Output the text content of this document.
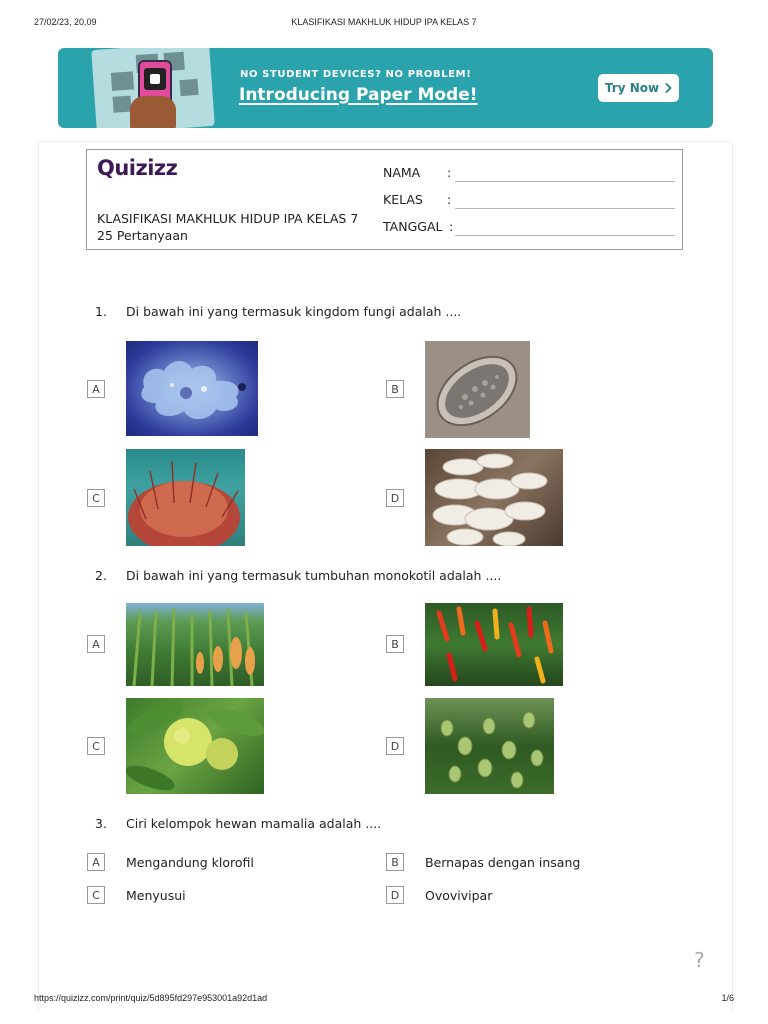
27/02/23, 20.09	KLASIFIKASI MAKHLUK HIDUP IPA KELAS 7
NO STUDENT DEVICES? NO PROBLEM!
Introducing Paper Mode!	Try Now
Quizizz
KLASIFIKASI MAKHLUK HIDUP IPA KELAS 7
25 Pertanyaan
NAMA :
KELAS :
TANGGAL :
1. Di bawah ini yang termasuk kingdom fungi adalah ....
A	B
C	D
2. Di bawah ini yang termasuk tumbuhan monokotil adalah ....
A	B
C	D
3. Ciri kelompok hewan mamalia adalah ....
A	Mengandung klorofil	B	Bernapas dengan insang
C	Menyusui	D	Ovovivipar
?
https://quizizz.com/print/quiz/5d895fd297e953001a92d1ad	1/6
